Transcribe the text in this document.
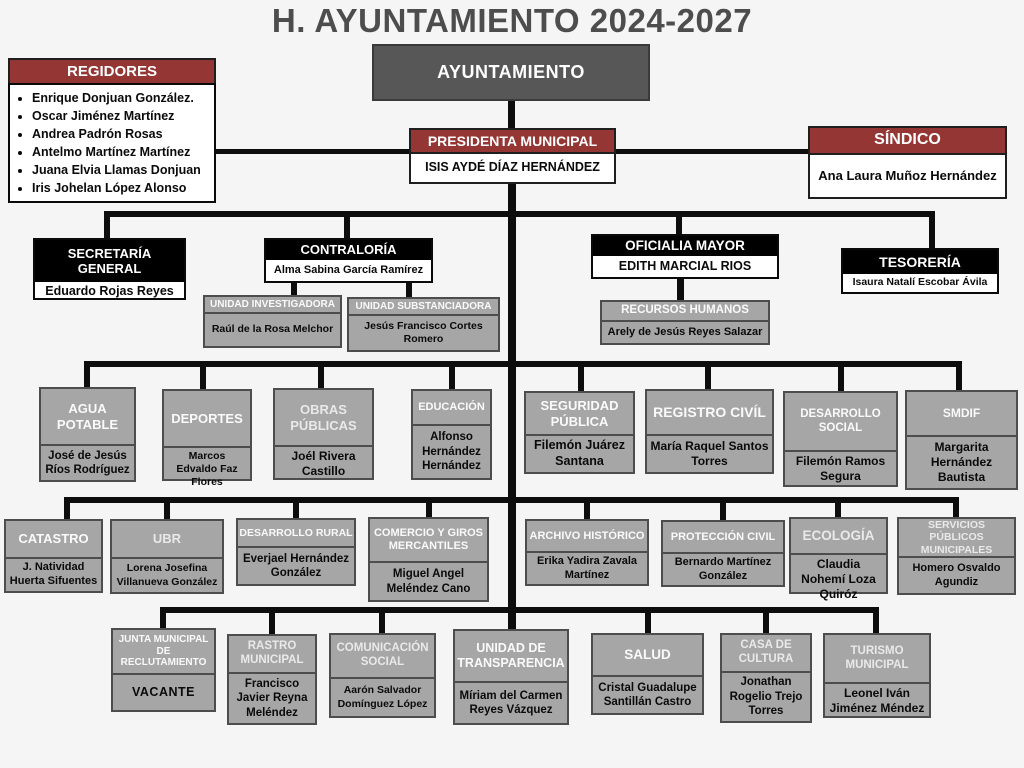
H. AYUNTAMIENTO 2024-2027
AYUNTAMIENTO
REGIDORES
• Enrique Donjuan González.
• Oscar Jiménez Martínez
• Andrea Padrón Rosas
• Antelmo Martínez Martínez
• Juana Elvia Llamas Donjuan
• Iris Johelan López Alonso
PRESIDENTA MUNICIPAL
ISIS AYDÉ DÍAZ HERNÁNDEZ
SÍNDICO
Ana Laura Muñoz Hernández
SECRETARÍA GENERAL
Eduardo Rojas Reyes
CONTRALORÍA
Alma Sabina García Ramírez
UNIDAD INVESTIGADORA
Raúl de la Rosa Melchor
UNIDAD SUBSTANCIADORA
Jesús Francisco Cortes Romero
OFICIALIA MAYOR
EDITH MARCIAL RIOS
RECURSOS HUMANOS
Arely de Jesús Reyes Salazar
TESORERÍA
Isaura Natalí Escobar Ávila
AGUA POTABLE
José de Jesús Ríos Rodríguez
DEPORTES
Marcos Edvaldo Faz Flores
OBRAS PÚBLICAS
Joél Rivera Castillo
EDUCACIÓN
Alfonso Hernández Hernández
SEGURIDAD PÚBLICA
Filemón Juárez Santana
REGISTRO CIVÍL
María Raquel Santos Torres
DESARROLLO SOCIAL
Filemón Ramos Segura
SMDIF
Margarita Hernández Bautista
CATASTRO
J. Natividad Huerta Sifuentes
UBR
Lorena Josefina Villanueva González
DESARROLLO RURAL
Everjael Hernández González
COMERCIO Y GIROS MERCANTILES
Miguel Angel Meléndez Cano
ARCHIVO HISTÓRICO
Erika Yadira Zavala Martínez
PROTECCIÓN CIVIL
Bernardo Martínez González
ECOLOGÍA
Claudia Nohemí Loza Quiróz
SERVICIOS PÚBLICOS MUNICIPALES
Homero Osvaldo Agundiz
JUNTA MUNICIPAL DE RECLUTAMIENTO
VACANTE
RASTRO MUNICIPAL
Francisco Javier Reyna Meléndez
COMUNICACIÓN SOCIAL
Aarón Salvador Domínguez López
UNIDAD DE TRANSPARENCIA
Míriam del Carmen Reyes Vázquez
SALUD
Cristal Guadalupe Santillán Castro
CASA DE CULTURA
Jonathan Rogelio Trejo Torres
TURISMO MUNICIPAL
Leonel Iván Jiménez Méndez
